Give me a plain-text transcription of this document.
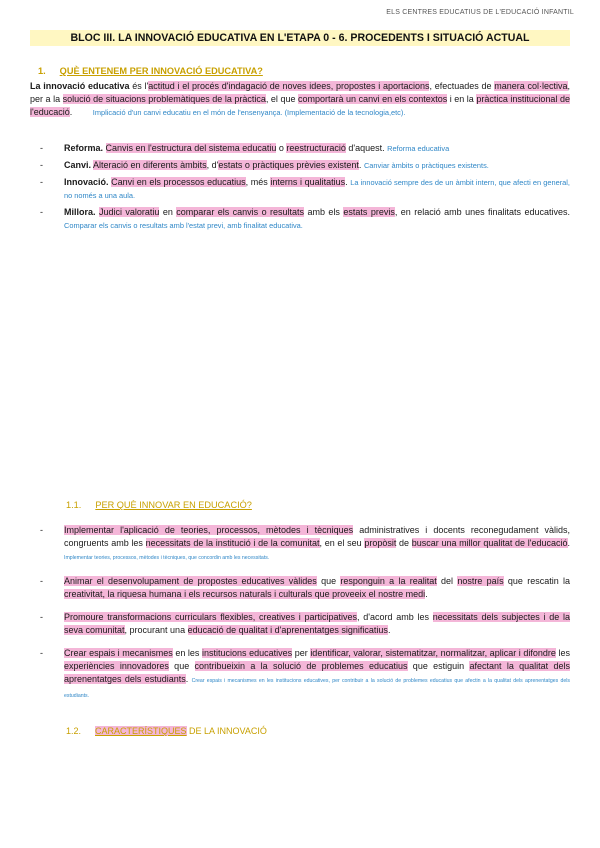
ELS CENTRES EDUCATIUS DE L'EDUCACIÓ INFANTIL
BLOC III. LA INNOVACIÓ EDUCATIVA EN L'ETAPA 0 - 6. PROCEDENTS I SITUACIÓ ACTUAL
1. QUÈ ENTENEM PER INNOVACIÓ EDUCATIVA?
La innovació educativa és l'actitud i el procés d'indagació de noves idees, propostes i aportacions, efectuades de manera col·lectiva, per a la solució de situacions problemàtiques de la pràctica, el que comportarà un canvi en els contextos i en la pràctica institucional de l'educació.	Implicació d'un canvi educatiu en el món de l'ensenyança. (Implementació de la tecnologia,etc).
- Reforma. Canvis en l'estructura del sistema educatiu o reestructuració d'aquest. Reforma educativa
- Canvi. Alteració en diferents àmbits, d'estats o pràctiques prèvies existent. Canviar àmbits o pràctiques existents.
- Innovació. Canvi en els processos educatius, més interns i qualitatius. La innovació sempre des de un àmbit intern, que afecti en general, no només a una aula.
- Millora. Judici valoratiu en comparar els canvis o resultats amb els estats previs, en relació amb unes finalitats educatives. Comparar els canvis o resultats amb l'estat previ, amb finalitat educativa.
1.1. PER QUÈ INNOVAR EN EDUCACIÓ?
- Implementar l'aplicació de teories, processos, mètodes i tècniques administratives i docents reconegudament vàlids, congruents amb les necessitats de la institució i de la comunitat, en el seu propòsit de buscar una millor qualitat de l'educació. Implementar teories, processos, mètodes i tècniques, que concordin amb les necessitats.
- Animar el desenvolupament de propostes educatives vàlides que responguin a la realitat del nostre país que rescatin la creativitat, la riquesa humana i els recursos naturals i culturals que proveeix el nostre medi.
- Promoure transformacions curriculars flexibles, creatives i participatives, d'acord amb les necessitats dels subjectes i de la seva comunitat, procurant una educació de qualitat i d'aprenentatges significatius.
- Crear espais i mecanismes en les institucions educatives per identificar, valorar, sistematitzar, normalitzar, aplicar i difondre les experiències innovadores que contribueixin a la solució de problemes educatius que estiguin afectant la qualitat dels aprenentatges dels estudiants. Crear espais i mecanismes en les institucions educatives, per contribuir a la solució de problemes educatius que afectin a la qualitat dels aprenentatges dels estudiants.
1.2. CARACTERÍSTIQUES DE LA INNOVACIÓ
